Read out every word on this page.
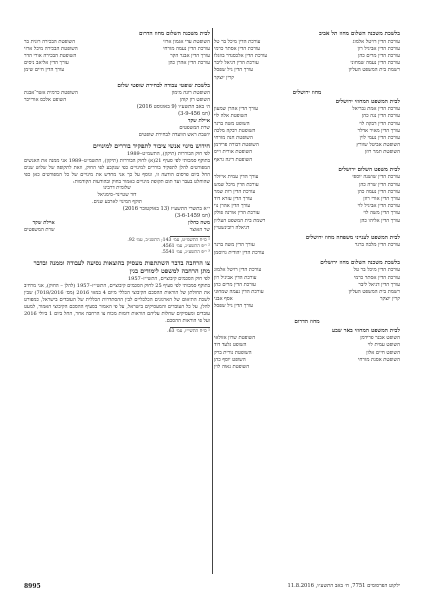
בלשכת משכנה השלום מחוז תל אביב
עורכת הדין רויטל אלמוג
עורכת הדין מיכל בר טל
עורכת הדין אביגיל רון
עורכת הדין אסתר כרמי
עורכת הדין מרים כהן
עורכת הדין אלכסנדר בוזגלו
עורכת הדין נעמה שמחוני
עורכת הדין דניאל ליבר
רשמת בית המשפט העליון
עורך הדין גיל שפסל
קרין יוצקר
מחוז ירושלים
לבית המשפט המחוזי ירושלים
עורכת הדין אמת גבריאל
עורך הדין אהרן שמעון
עורכת הדין נגה כהן
השופטת אלה לוי
עורכת הדין רבקה לוי
השופט משה ברגר
עורך הדין מאיר אדלר
השופטת רבקה מלכה
עורכת הדין נעמי לוין
השופטת חנה מזרחי
השופטת אביטל שוורץ
השופטת דבורה פרידמן
השופטת תמר רוזן
השופטת אורית וייס
השופטת דינה גראף
לבית משפט השלום ירושלים
עורכת הדין שושנה יוספי
עורך הדין עמית אייזלר
עורכת הדין שרה כהן
עורכת הדין מיכל שמש
עורכת הדין נעמה כהן
עורכת הדין רות שמר
עורך הדין אורי רוזן
עורך הדין עזרא דוד
עורכת הדין אביגיל לוי
עורך הדין אהרן נוי
עורך הדין משה לוי
עורכת הדין אורנה פולק
עורך הדין אליהו כהן
רשמת בית המשפט העליון
דניאלה רובינשטיין
לבית המשפט לענייני משפחה מחוז ירושלים
עורכת הדין מלכה ברגר
עורך הדין משה ברנר
עורכת הדין יהודית גרוסמן
בלשכת משכנה השלום מחוז ירושלים
עורכת הדין מיכל בר טל
עורכת הדין רויטל אלמוג
עורכת הדין אסתר כרמי
עורכת הדין אביגיל רון
עורך הדין דניאל ליבר
עורכת הדין מרים כהן
רשמת בית המשפט העליון
עורכת הדין נעמה שמחוני
קרין יוצקר
אסף אבני
עורך הדין גיל שפסל
מחוז הדרום
לבית המשפט המחוזי באר שבע
השופט אבנר פרידמן
השופטת שרון אזולאי
השופט עמית לוי
השופט גלעד דוד
השופט חיים אלון
השופטת נורית ברק
השופטת אסנת מזרחי
השופט יוסף כהן
השופטת נאוה לוין
לבית משכנה השלום מחוז הדרום
השופטת עדי אגמון ארזי
השופטת הבכירה רונית בר
עורכת הדין נעמה מזרחי
השופטת הבכירה מיכל ארזי
עורך הדין אבנר הקר
השופטת הבכירה אורי הדר
עורכת הדין אהרן כהן
עורך הדין אליאב ניסים
עורך הדין חיים שימן
בלשכת שופטי עבודה לבחירת שופטי שלום
השופטת רונה מימון
השופטת כרמית אשר־אבנת
השופט רון קוהן
השופט אלכס אורייכר
ה׳ באב התשע״ו (9 באוגוסט 2016)
(חמ 3-9-456)
איילת שקד
שרת המשפטים
יושבת ראש הוועדה לבחירת שופטים
חידוש מינוי אנשי ציבור לתפקיד בוררים למינויים
לפי חוק הבוררות (תיקון), התשמ״ט–1989
בתוקף סמכותי לפי סעיף 21(א) לחוק הבוררות (תיקון), התשמ״ט–1989 אני ממנה את האנשים המפורטים להלן לתפקיד בוררים למינויים כפי שנקבע לפי החוק, וזאת לתקופה של שלוש שנים החל ביום פרסום הודעה זו, ונוסף על כך אני מחדש את מינויים של כל המפורטים כאן כפי שהוחלט בעבר ועד תום תקופת מינויים כאמור בחוק ובהודעות הקודמות:
שלומית דרבינו
דוד שטיינר–סימניאל
תוקף המינוי לארבע שנים.
י״א בתשרי התשע״ז (13 באוקטובר 2016)
(חמ 3-6-1459)
משה כחלון
שר האוצר
איילת שקד
שרת המשפטים
¹ ס״ח התשמ״ט, עמ׳ 143; התשנ״ב, עמ׳ 92.
² י״פ התשע״ג, עמ׳ 4561.
³ י״פ התשע״ג, עמ׳ 5541.
צו הרחבה בדבר השתתפות מעסיק בהוצאות נסיעה לעבודה וממנה ובדבר מתן הרחבה למשפט לימודים בגין
לפי חוק הסכמים קיבוציים, התשי״ז–1957
בתוקף סמכותי לפי סעיף 25 לחוק הסכמים קיבוציים, התשי״ז–1957 (להלן – החוק), אני מרחיב את תחולתן של הוראות ההסכם הקיבוצי הכללי מיום 4 במאי 2016 (מס׳ 7018/2016) שבין לשכת התיאום של הארגונים הכלכליים לבין ההסתדרות הכללית של העובדים בישראל, כמפורט להלן, על כל העובדים והמעסיקים בישראל, על פי האמור בסעיף ההסכם הקיבוצי האמור, למעט עובדים ומעסיקים שחלות עליהם הוראות דומות מכוח צו הרחבה אחר, החל ביום 1 ביולי 2016 ועל פי הוראות ההסכם.
¹ ס״ח התשי״ז, עמ׳ 63.
ילקוט הפרסומים 7751, ח׳ באב התשע״ו, 11.8.2016
8995
